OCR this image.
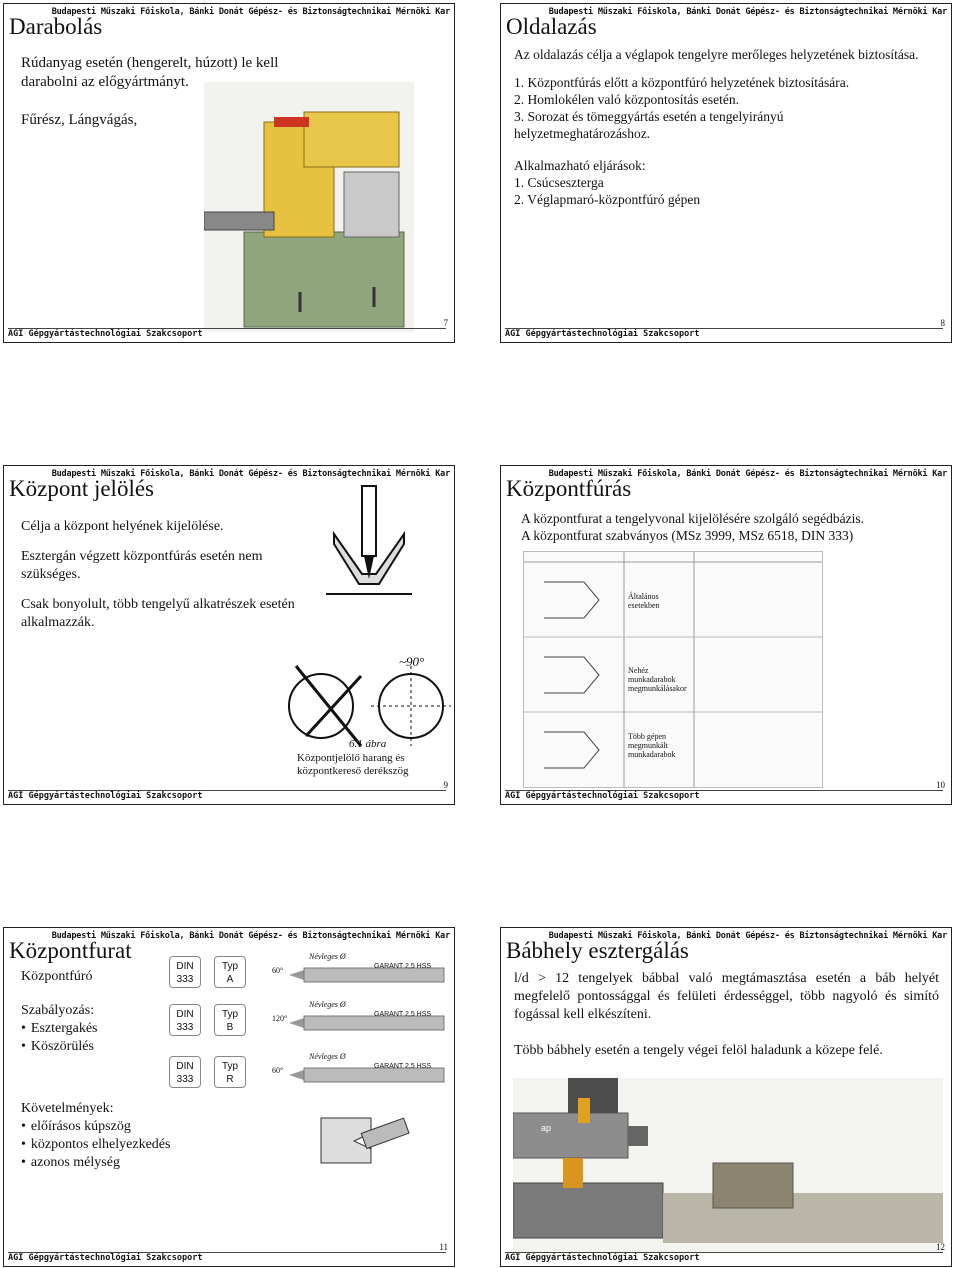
Budapesti Műszaki Főiskola, Bánki Donát Gépész- és Biztonságtechnikai Mérnöki Kar
Darabolás

Rúdanyag esetén (hengerelt, húzott) le kell darabolni az előgyártmányt.

Fűrész, Lángvágás,

AGI Gépgyártástechnológiai Szakcsoport
7
Budapesti Műszaki Főiskola, Bánki Donát Gépész- és Biztonságtechnikai Mérnöki Kar
Oldalazás

Az oldalazás célja a véglapok tengelyre merőleges helyzetének biztosítása.

1. Központfúrás előtt a központfúró helyzetének biztosítására.

2. Homlokélen való központosítás esetén.

3. Sorozat és tömeggyártás esetén a tengelyirányú helyzetmeghatározáshoz.

Alkalmazható eljárások:

1. Csúcsesztergа

2. Véglapmaró-központfúró gépen

AGI Gépgyártástechnológiai Szakcsoport
8
Budapesti Műszaki Főiskola, Bánki Donát Gépész- és Biztonságtechnikai Mérnöki Kar
Központ jelölés

Célja a központ helyének kijelölése.

Esztergán végzett központfúrás esetén nem szükséges.

Csak bonyolult, több tengelyű alkatrészek esetén alkalmazzák.

~90°
6.1 ábra
Központjelölő harang és központkereső derékszög
AGI Gépgyártástechnológiai Szakcsoport
9
Budapesti Műszaki Főiskola, Bánki Donát Gépész- és Biztonságtechnikai Mérnöki Kar
Központfúrás

A központfurat a tengelyvonal kijelölésére szolgáló segédbázis.

A központfurat szabványos (MSz 3999, MSz 6518, DIN 333)

Általános esetekben
Nehéz munkadarabok megmunkálásakor
Több gépen megmunkált munkadarabok
AGI Gépgyártástechnológiai Szakcsoport
10
Budapesti Műszaki Főiskola, Bánki Donát Gépész- és Biztonságtechnikai Mérnöki Kar
Központfurat

Központfúró

Szabályozás:

• Esztergakés
• Köszörülés

Követelmények:

• előírásos kúpszög
• központos elhelyezkedés
• azonos mélység
DIN
333
Typ
A
60°
Névleges Ø
GARANT 2,5 HSS
DIN
333
Typ
B
120°
Névleges Ø
GARANT 2,5 HSS
DIN
333
Typ
R
60°
Névleges Ø
GARANT 2,5 HSS
AGI Gépgyártástechnológiai Szakcsoport
11
Budapesti Műszaki Főiskola, Bánki Donát Gépész- és Biztonságtechnikai Mérnöki Kar
Bábhely esztergálás

l/d > 12 tengelyek bábbal való megtámasztása esetén a báb helyét megfelelő pontossággal és felületi érdességgel, több nagyoló és simító fogással kell elkészíteni.

Több bábhely esetén a tengely végei felöl haladunk a közepe felé.

ap
AGI Gépgyártástechnológiai Szakcsoport
12
